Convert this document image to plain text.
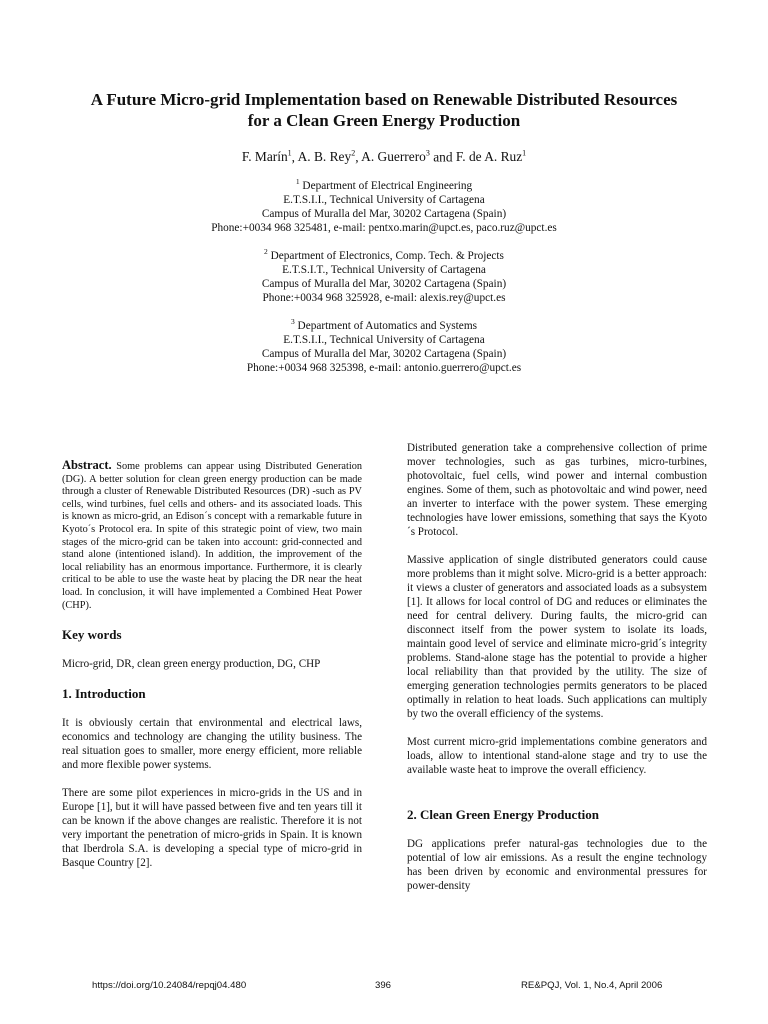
A Future Micro-grid Implementation based on Renewable Distributed Resources
for a Clean Green Energy Production

F. Marín$^1$, A. B. Rey$^2$, A. Guerrero$^3$ and F. de A. Ruz$^1$

$^1$ Department of Electrical Engineering
E.T.S.I.I., Technical University of Cartagena
Campus of Muralla del Mar, 30202 Cartagena (Spain)
Phone:+0034 968 325481, e-mail: pentxo.marin@upct.es, paco.ruz@upct.es
$^2$ Department of Electronics, Comp. Tech. & Projects
E.T.S.I.T., Technical University of Cartagena
Campus of Muralla del Mar, 30202 Cartagena (Spain)
Phone:+0034 968 325928, e-mail: alexis.rey@upct.es
$^3$ Department of Automatics and Systems
E.T.S.I.I., Technical University of Cartagena
Campus of Muralla del Mar, 30202 Cartagena (Spain)
Phone:+0034 968 325398, e-mail: antonio.guerrero@upct.es

Abstract. Some problems can appear using Distributed Generation (DG). A better solution for clean green energy production can be made through a cluster of Renewable Distributed Resources (DR) -such as PV cells, wind turbines, fuel cells and others- and its associated loads. This is known as micro-grid, an Edison´s concept with a remarkable future in Kyoto´s Protocol era. In spite of this strategic point of view, two main stages of the micro-grid can be taken into account: grid-connected and stand alone (intentioned island). In addition, the improvement of the local reliability has an enormous importance. Furthermore, it is clearly critical to be able to use the waste heat by placing the DR near the heat load. In conclusion, it will have implemented a Combined Heat Power (CHP).

Key words

Micro-grid, DR, clean green energy production, DG, CHP

1. Introduction

It is obviously certain that environmental and electrical laws, economics and technology are changing the utility business. The real situation goes to smaller, more energy efficient, more reliable and more flexible power systems.

There are some pilot experiences in micro-grids in the US and in Europe [1], but it will have passed between five and ten years till it can be known if the above changes are realistic. Therefore it is not very important the penetration of micro-grids in Spain. It is known that Iberdrola S.A. is developing a special type of micro-grid in Basque Country [2].

Distributed generation take a comprehensive collection of prime mover technologies, such as gas turbines, micro-turbines, photovoltaic, fuel cells, wind power and internal combustion engines. Some of them, such as photovoltaic and wind power, need an inverter to interface with the power system. These emerging technologies have lower emissions, something that says the Kyoto´s Protocol.

Massive application of single distributed generators could cause more problems than it might solve. Micro-grid is a better approach: it views a cluster of generators and associated loads as a subsystem [1]. It allows for local control of DG and reduces or eliminates the need for central delivery. During faults, the micro-grid can disconnect itself from the power system to isolate its loads, maintain good level of service and eliminate micro-grid´s integrity problems. Stand-alone stage has the potential to provide a higher local reliability than that provided by the utility. The size of emerging generation technologies permits generators to be placed optimally in relation to heat loads. Such applications can multiply by two the overall efficiency of the systems.

Most current micro-grid implementations combine generators and loads, allow to intentional stand-alone stage and try to use the available waste heat to improve the overall efficiency.

2. Clean Green Energy Production

DG applications prefer natural-gas technologies due to the potential of low air emissions. As a result the engine technology has been driven by economic and environmental pressures for power-density

https://doi.org/10.24084/repqj04.480	396	RE&PQJ, Vol. 1, No.4, April 2006
